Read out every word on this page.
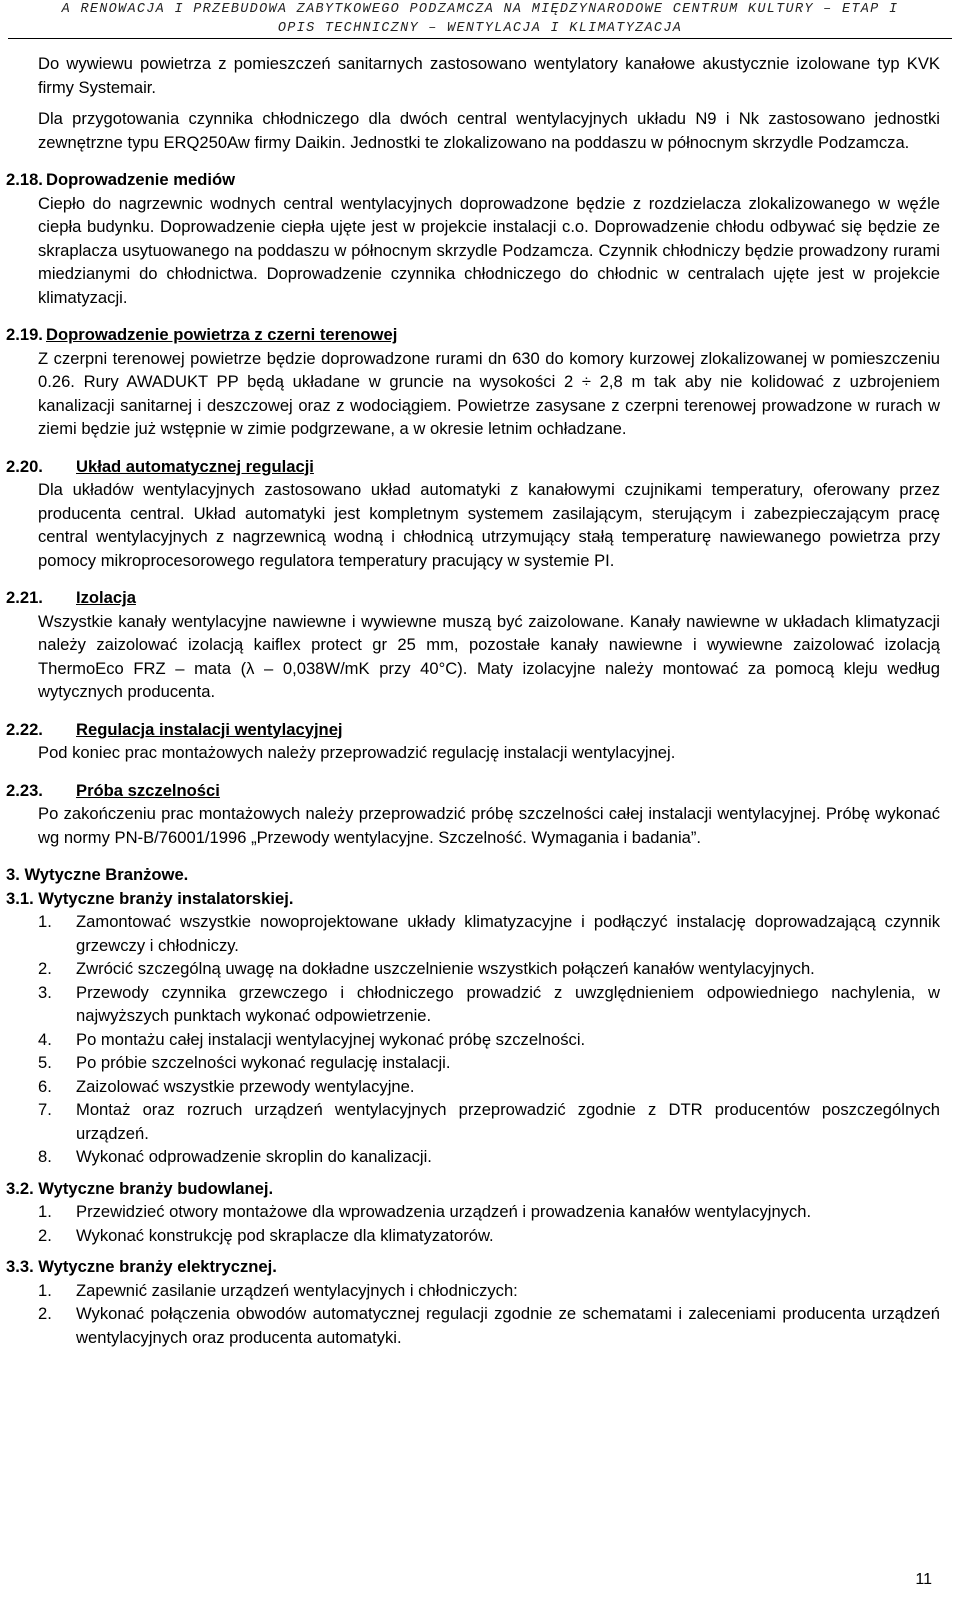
A RENOWACJA I PRZEBUDOWA ZABYTKOWEGO PODZAMCZA NA MIĘDZYNARODOWE CENTRUM KULTURY – ETAP I
OPIS TECHNICZNY – WENTYLACJA I KLIMATYZACJA

Do wywiewu powietrza z pomieszczeń sanitarnych zastosowano wentylatory kanałowe akustycznie izolowane typ KVK firmy Systemair.

Dla przygotowania czynnika chłodniczego dla dwóch central wentylacyjnych układu N9 i Nk zastosowano jednostki zewnętrzne typu ERQ250Aw firmy Daikin. Jednostki te zlokalizowano na poddaszu w północnym skrzydle Podzamcza.

2.18. Doprowadzenie mediów

Ciepło do nagrzewnic wodnych central wentylacyjnych doprowadzone będzie z rozdzielacza zlokalizowanego w węźle ciepła budynku. Doprowadzenie ciepła ujęte jest w projekcie instalacji c.o. Doprowadzenie chłodu odbywać się będzie ze skraplacza usytuowanego na poddaszu w północnym skrzydle Podzamcza. Czynnik chłodniczy będzie prowadzony rurami miedzianymi do chłodnictwa. Doprowadzenie czynnika chłodniczego do chłodnic w centralach ujęte jest w projekcie klimatyzacji.

2.19. Doprowadzenie powietrza z czerni terenowej

Z czerpni terenowej powietrze będzie doprowadzone rurami dn 630 do komory kurzowej zlokalizowanej w pomieszczeniu 0.26. Rury AWADUKT PP będą układane w gruncie na wysokości 2 ÷ 2,8 m tak aby nie kolidować z uzbrojeniem kanalizacji sanitarnej i deszczowej oraz z wodociągiem. Powietrze zasysane z czerpni terenowej prowadzone w rurach w ziemi będzie już wstępnie w zimie podgrzewane, a w okresie letnim ochładzane.

2.20.	Układ automatycznej regulacji

Dla układów wentylacyjnych zastosowano układ automatyki z kanałowymi czujnikami temperatury, oferowany przez producenta central. Układ automatyki jest kompletnym systemem zasilającym, sterującym i zabezpieczającym pracę central wentylacyjnych z nagrzewnicą wodną i chłodnicą utrzymujący stałą temperaturę nawiewanego powietrza przy pomocy mikroprocesorowego regulatora temperatury pracujący w systemie PI.

2.21.	Izolacja

Wszystkie kanały wentylacyjne nawiewne i wywiewne muszą być zaizolowane. Kanały nawiewne w układach klimatyzacji należy zaizolować izolacją kaiflex protect gr 25 mm, pozostałe kanały nawiewne i wywiewne zaizolować izolacją ThermoEco FRZ – mata (λ – 0,038W/mK przy 40°C). Maty izolacyjne należy montować za pomocą kleju według wytycznych producenta.

2.22.	Regulacja instalacji wentylacyjnej

Pod koniec prac montażowych należy przeprowadzić regulację instalacji wentylacyjnej.

2.23.	Próba szczelności

Po zakończeniu prac montażowych należy przeprowadzić próbę szczelności całej instalacji wentylacyjnej. Próbę wykonać wg normy PN-B/76001/1996 „Przewody wentylacyjne. Szczelność. Wymagania i badania”.

3. Wytyczne Branżowe.

3.1. Wytyczne branży instalatorskiej.

1.	Zamontować wszystkie nowoprojektowane układy klimatyzacyjne i podłączyć instalację doprowadzającą czynnik grzewczy i chłodniczy.
2.	Zwrócić szczególną uwagę na dokładne uszczelnienie wszystkich połączeń kanałów wentylacyjnych.
3.	Przewody czynnika grzewczego i chłodniczego prowadzić z uwzględnieniem odpowiedniego nachylenia, w najwyższych punktach wykonać odpowietrzenie.
4.	Po montażu całej instalacji wentylacyjnej wykonać próbę szczelności.
5.	Po próbie szczelności wykonać regulację instalacji.
6.	Zaizolować wszystkie przewody wentylacyjne.
7.	Montaż oraz rozruch urządzeń wentylacyjnych przeprowadzić zgodnie z DTR producentów poszczególnych urządzeń.
8.	Wykonać odprowadzenie skroplin do kanalizacji.

3.2. Wytyczne branży budowlanej.

1.	Przewidzieć otwory montażowe dla wprowadzenia urządzeń i prowadzenia kanałów wentylacyjnych.
2.	Wykonać konstrukcję pod skraplacze dla klimatyzatorów.

3.3. Wytyczne branży elektrycznej.

1.	Zapewnić zasilanie urządzeń wentylacyjnych i chłodniczych:
2.	Wykonać połączenia obwodów automatycznej regulacji zgodnie ze schematami i zaleceniami producenta urządzeń wentylacyjnych oraz producenta automatyki.
11
